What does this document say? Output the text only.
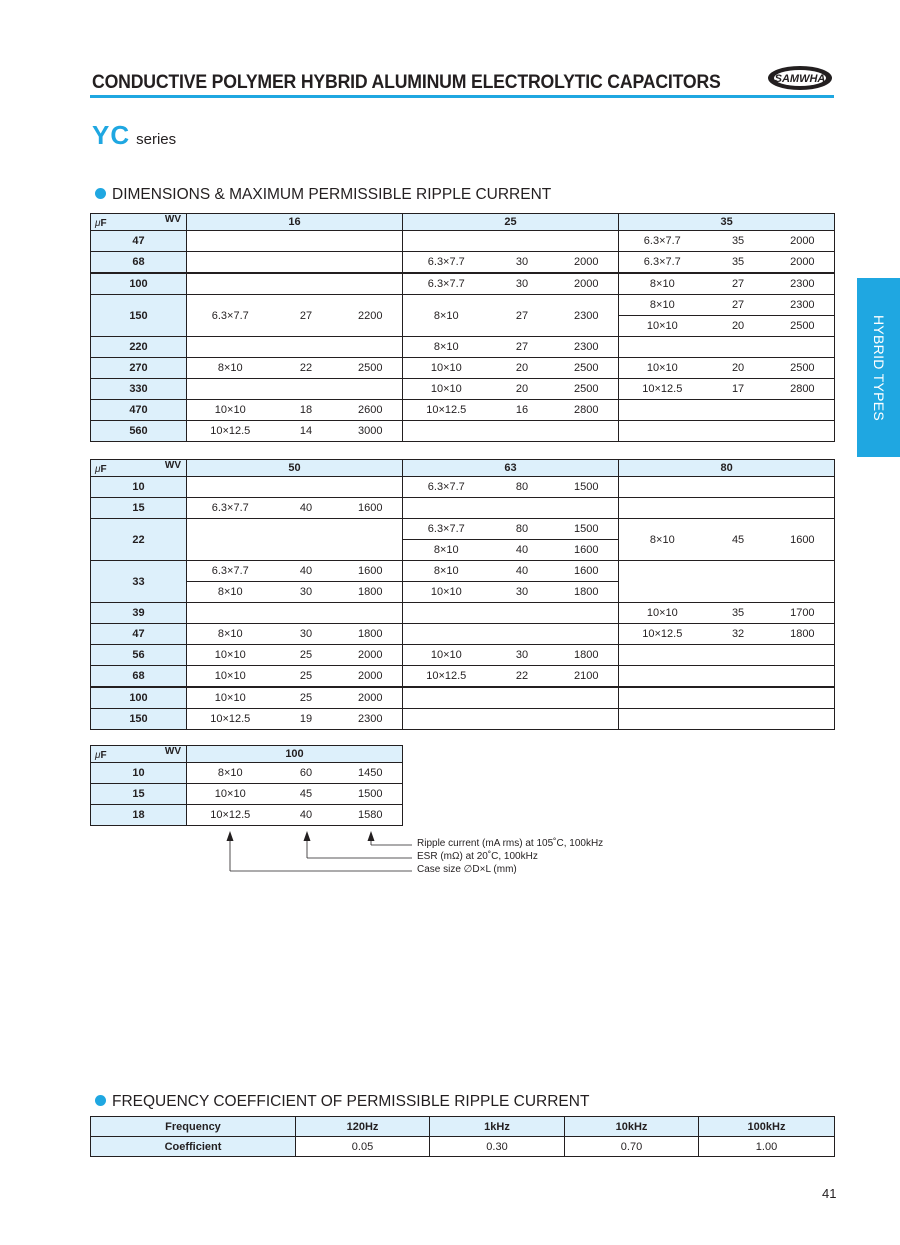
CONDUCTIVE POLYMER HYBRID ALUMINUM ELECTROLYTIC CAPACITORS	SAMWHA
YC series
DIMENSIONS & MAXIMUM PERMISSIBLE RIPPLE CURRENT
HYBRID TYPES
μF WV	16			25			35		
47							6.3×7.7	35	2000
68				6.3×7.7	30	2000	6.3×7.7	35	2000
100				6.3×7.7	30	2000	8×10	27	2300
150	6.3×7.7	27	2200	8×10	27	2300	8×10	27	2300
							10×10	20	2500
220				8×10	27	2300			
270	8×10	22	2500	10×10	20	2500	10×10	20	2500
330				10×10	20	2500	10×12.5	17	2800
470	10×10	18	2600	10×12.5	16	2800			
560	10×12.5	14	3000						
μF WV	50			63			80		
10				6.3×7.7	80	1500			
15	6.3×7.7	40	1600						
22				6.3×7.7	80	1500	8×10	45	1600
				8×10	40	1600			
33	6.3×7.7	40	1600	8×10	40	1600			
	8×10	30	1800	10×10	30	1800			
39							10×10	35	1700
47	8×10	30	1800				10×12.5	32	1800
56	10×10	25	2000	10×10	30	1800			
68	10×10	25	2000	10×12.5	22	2100			
100	10×10	25	2000						
150	10×12.5	19	2300						
μF WV	100		
10	8×10	60	1450
15	10×10	45	1500
18	10×12.5	40	1580
Ripple current (mA rms) at 105˚C, 100kHz
ESR (mΩ) at 20˚C, 100kHz
Case size ∅D×L (mm)
FREQUENCY COEFFICIENT OF PERMISSIBLE RIPPLE CURRENT
Frequency	120Hz	1kHz	10kHz	100kHz
Coefficient	0.05	0.30	0.70	1.00
41
